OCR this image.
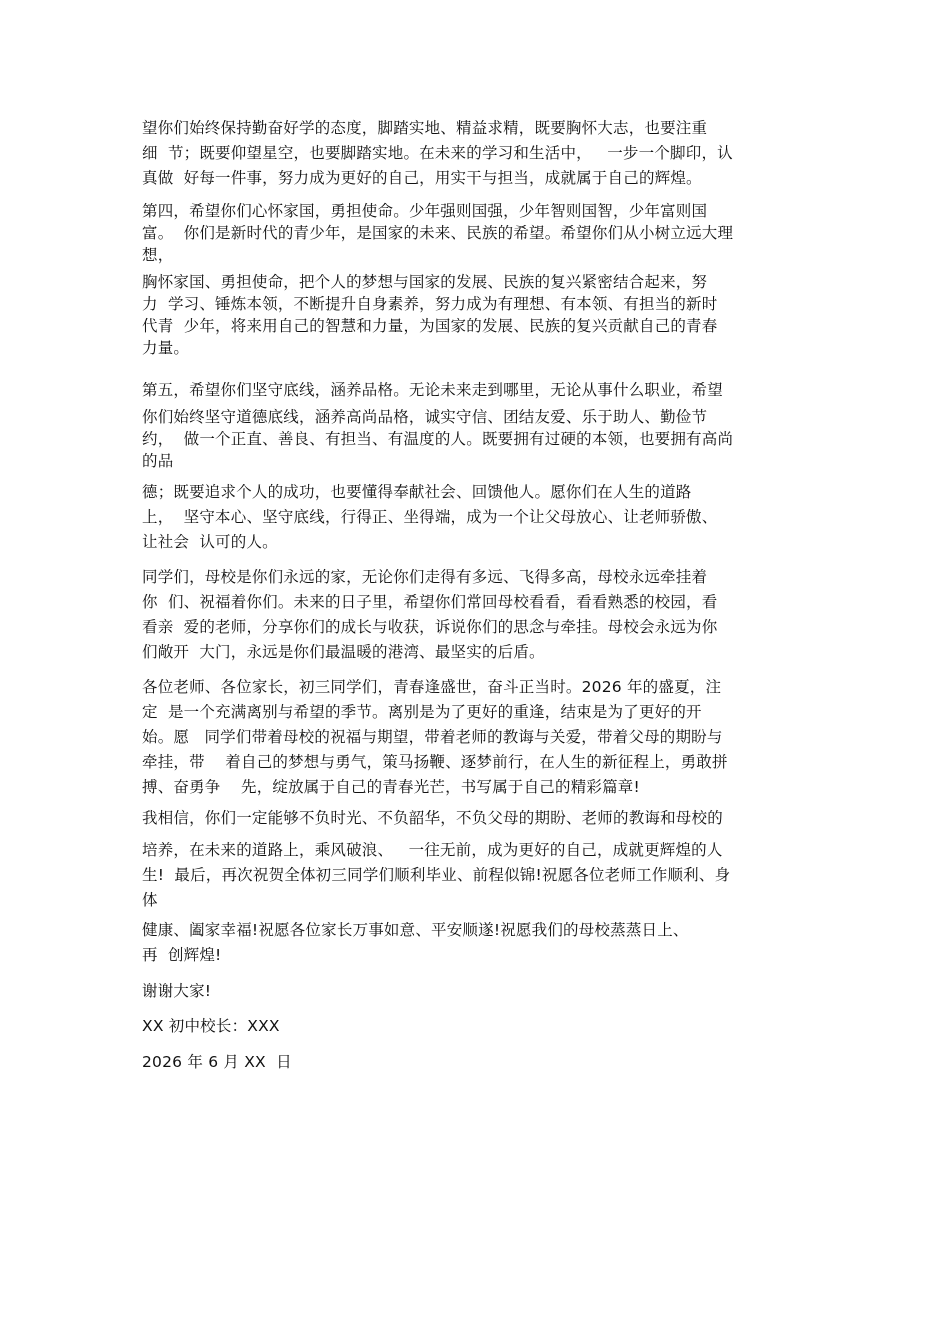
望你们始终保持勤奋好学的态度，脚踏实地、精益求精，既要胸怀大志，也要注重
细  节；既要仰望星空，也要脚踏实地。在未来的学习和生活中，   一步一个脚印，认
真做  好每一件事，努力成为更好的自己，用实干与担当，成就属于自己的辉煌。
第四，希望你们心怀家国，勇担使命。少年强则国强，少年智则国智，少年富则国
富。  你们是新时代的青少年，是国家的未来、民族的希望。希望你们从小树立远大理
想，
胸怀家国、勇担使命，把个人的梦想与国家的发展、民族的复兴紧密结合起来，努
力  学习、锤炼本领，不断提升自身素养，努力成为有理想、有本领、有担当的新时
代青  少年，将来用自己的智慧和力量，为国家的发展、民族的复兴贡献自己的青春
力量。
第五，希望你们坚守底线，涵养品格。无论未来走到哪里，无论从事什么职业，希望
你们始终坚守道德底线，涵养高尚品格，诚实守信、团结友爱、乐于助人、勤俭节
约，  做一个正直、善良、有担当、有温度的人。既要拥有过硬的本领，也要拥有高尚
的品
德；既要追求个人的成功，也要懂得奉献社会、回馈他人。愿你们在人生的道路
上，  坚守本心、坚守底线，行得正、坐得端，成为一个让父母放心、让老师骄傲、
让社会  认可的人。
同学们，母校是你们永远的家，无论你们走得有多远、飞得多高，母校永远牵挂着
你  们、祝福着你们。未来的日子里，希望你们常回母校看看，看看熟悉的校园，看
看亲  爱的老师，分享你们的成长与收获，诉说你们的思念与牵挂。母校会永远为你
们敞开  大门，永远是你们最温暖的港湾、最坚实的后盾。
各位老师、各位家长，初三同学们，青春逢盛世，奋斗正当时。2026 年的盛夏，注
定  是一个充满离别与希望的季节。离别是为了更好的重逢，结束是为了更好的开
始。愿   同学们带着母校的祝福与期望，带着老师的教诲与关爱，带着父母的期盼与
牵挂，带    着自己的梦想与勇气，策马扬鞭、逐梦前行，在人生的新征程上，勇敢拼
搏、奋勇争    先，绽放属于自己的青春光芒，书写属于自己的精彩篇章!
我相信，你们一定能够不负时光、不负韶华，不负父母的期盼、老师的教诲和母校的
培养，在未来的道路上，乘风破浪、   一往无前，成为更好的自己，成就更辉煌的人
生!  最后，再次祝贺全体初三同学们顺利毕业、前程似锦!祝愿各位老师工作顺利、身
体
健康、阖家幸福!祝愿各位家长万事如意、平安顺遂!祝愿我们的母校蒸蒸日上、
再  创辉煌!
谢谢大家!
XX 初中校长：XXX
2026 年 6 月 XX  日
